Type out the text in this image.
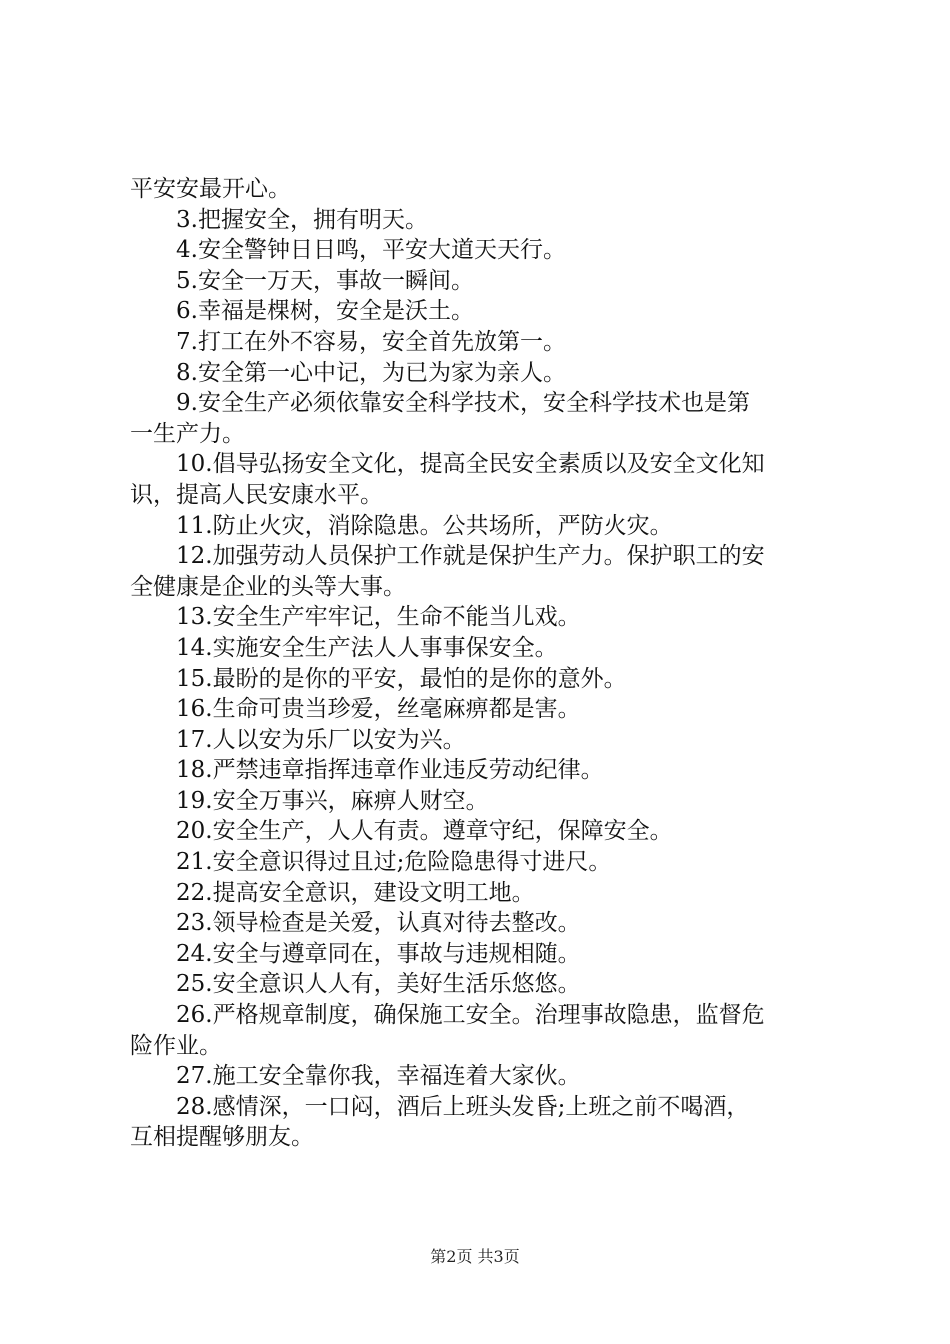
平安安最开心。
3.把握安全，拥有明天。
4.安全警钟日日鸣，平安大道天天行。
5.安全一万天，事故一瞬间。
6.幸福是棵树，安全是沃土。
7.打工在外不容易，安全首先放第一。
8.安全第一心中记，为已为家为亲人。
9.安全生产必须依靠安全科学技术，安全科学技术也是第
一生产力。
10.倡导弘扬安全文化，提高全民安全素质以及安全文化知
识，提高人民安康水平。
11.防止火灾，消除隐患。公共场所，严防火灾。
12.加强劳动人员保护工作就是保护生产力。保护职工的安
全健康是企业的头等大事。
13.安全生产牢牢记，生命不能当儿戏。
14.实施安全生产法人人事事保安全。
15.最盼的是你的平安，最怕的是你的意外。
16.生命可贵当珍爱，丝毫麻痹都是害。
17.人以安为乐厂以安为兴。
18.严禁违章指挥违章作业违反劳动纪律。
19.安全万事兴，麻痹人财空。
20.安全生产，人人有责。遵章守纪，保障安全。
21.安全意识得过且过;危险隐患得寸进尺。
22.提高安全意识，建设文明工地。
23.领导检查是关爱，认真对待去整改。
24.安全与遵章同在，事故与违规相随。
25.安全意识人人有，美好生活乐悠悠。
26.严格规章制度，确保施工安全。治理事故隐患，监督危
险作业。
27.施工安全靠你我，幸福连着大家伙。
28.感情深，一口闷，酒后上班头发昏;上班之前不喝酒，
互相提醒够朋友。
第2页 共3页
